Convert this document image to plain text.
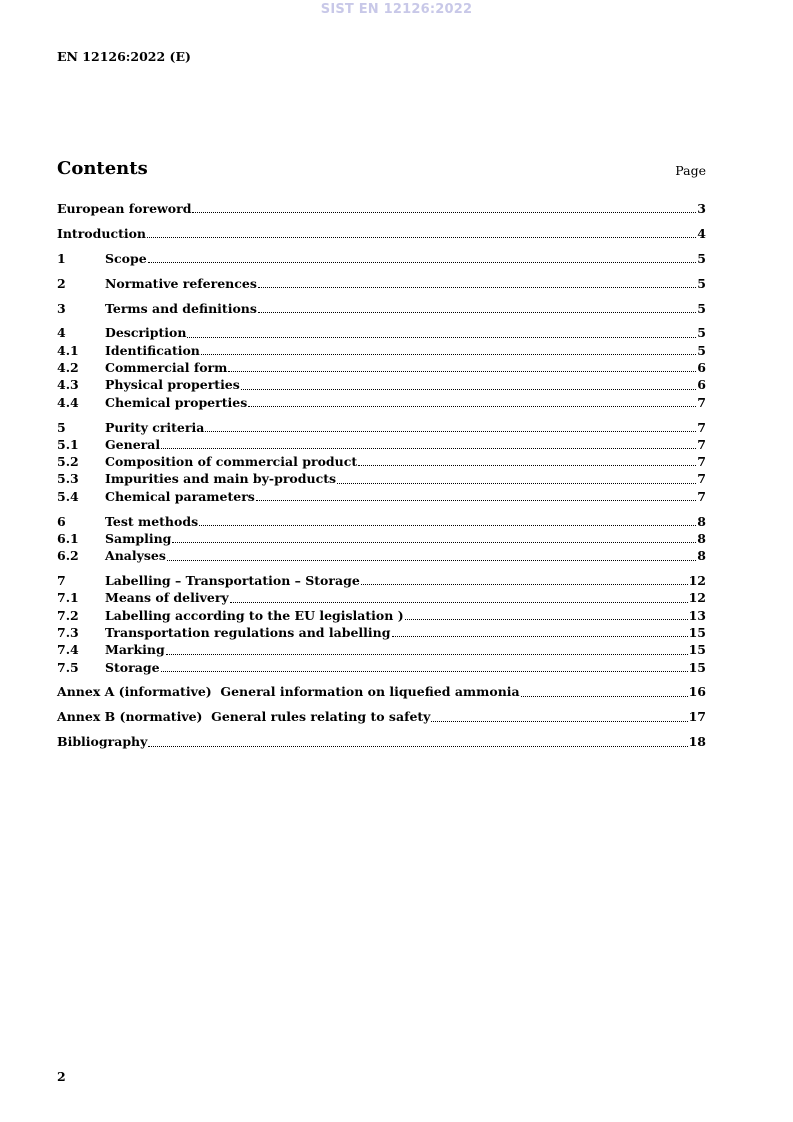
SIST EN 12126:2022
EN 12126:2022 (E)
Contents	Page
European foreword	3
Introduction	4
1	Scope	5
2	Normative references	5
3	Terms and definitions	5
4	Description	5
4.1	Identification	5
4.2	Commercial form	6
4.3	Physical properties	6
4.4	Chemical properties	7
5	Purity criteria	7
5.1	General	7
5.2	Composition of commercial product	7
5.3	Impurities and main by-products	7
5.4	Chemical parameters	7
6	Test methods	8
6.1	Sampling	8
6.2	Analyses	8
7	Labelling – Transportation – Storage	12
7.1	Means of delivery	12
7.2	Labelling according to the EU legislation )	13
7.3	Transportation regulations and labelling	15
7.4	Marking	15
7.5	Storage	15
Annex A (informative)  General information on liquefied ammonia	16
Annex B (normative)  General rules relating to safety	17
Bibliography	18
2
